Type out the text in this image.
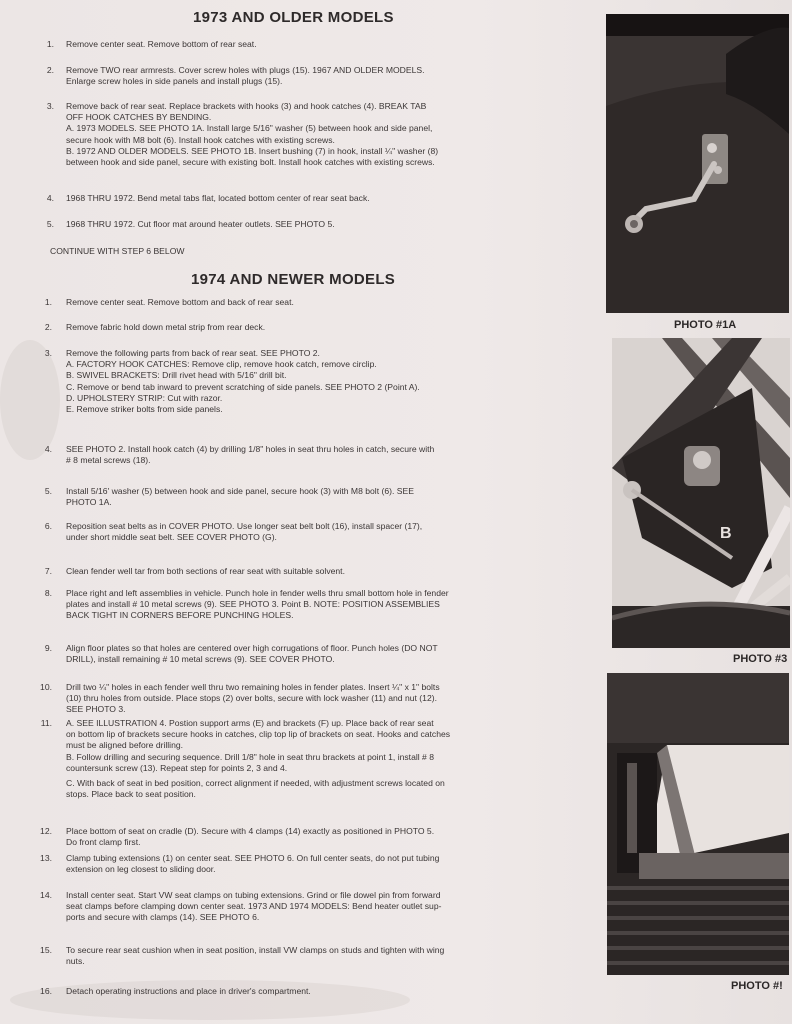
1973 AND OLDER MODELS
1. Remove center seat. Remove bottom of rear seat.
2. Remove TWO rear armrests. Cover screw holes with plugs (15). 1967 AND OLDER MODELS.
Enlarge screw holes in side panels and install plugs (15).
3. Remove back of rear seat. Replace brackets with hooks (3) and hook catches (4). BREAK TAB
OFF HOOK CATCHES BY BENDING.
A. 1973 MODELS. SEE PHOTO 1A. Install large 5/16" washer (5) between hook and side panel,
secure hook with M8 bolt (6). Install hook catches with existing screws.
B. 1972 AND OLDER MODELS. SEE PHOTO 1B. Insert bushing (7) in hook, install ¼" washer (8)
between hook and side panel, secure with existing bolt. Install hook catches with existing screws.
4. 1968 THRU 1972. Bend metal tabs flat, located bottom center of rear seat back.
5. 1968 THRU 1972. Cut floor mat around heater outlets. SEE PHOTO 5.
CONTINUE WITH STEP 6 BELOW
1974 AND NEWER MODELS
1. Remove center seat. Remove bottom and back of rear seat.
2. Remove fabric hold down metal strip from rear deck.
3. Remove the following parts from back of rear seat. SEE PHOTO 2.
A. FACTORY HOOK CATCHES: Remove clip, remove hook catch, remove circlip.
B. SWIVEL BRACKETS: Drill rivet head with 5/16" drill bit.
C. Remove or bend tab inward to prevent scratching of side panels. SEE PHOTO 2 (Point A).
D. UPHOLSTERY STRIP: Cut with razor.
E. Remove striker bolts from side panels.
4. SEE PHOTO 2. Install hook catch (4) by drilling 1/8" holes in seat thru holes in catch, secure with
# 8 metal screws (18).
5. Install 5/16' washer (5) between hook and side panel, secure hook (3) with M8 bolt (6). SEE
PHOTO 1A.
6. Reposition seat belts as in COVER PHOTO. Use longer seat belt bolt (16), install spacer (17),
under short middle seat belt. SEE COVER PHOTO (G).
7. Clean fender well tar from both sections of rear seat with suitable solvent.
8. Place right and left assemblies in vehicle. Punch hole in fender wells thru small bottom hole in fender
plates and install # 10 metal screws (9). SEE PHOTO 3. Point B. NOTE: POSITION ASSEMBLIES
BACK TIGHT IN CORNERS BEFORE PUNCHING HOLES.
9. Align floor plates so that holes are centered over high corrugations of floor. Punch holes (DO NOT
DRILL), install remaining # 10 metal screws (9). SEE COVER PHOTO.
10. Drill two ¼" holes in each fender well thru two remaining holes in fender plates. Insert ¼" x 1" bolts
(10) thru holes from outside. Place stops (2) over bolts, secure with lock washer (11) and nut (12).
SEE PHOTO 3.
11. A. SEE ILLUSTRATION 4. Postion support arms (E) and brackets (F) up. Place back of rear seat
on bottom lip of brackets secure hooks in catches, clip top lip of brackets on seat. Hooks and catches
must be aligned before drilling.
B. Follow drilling and securing sequence. Drill 1/8" hole in seat thru brackets at point 1, install # 8
countersunk screw (13). Repeat step for points 2, 3 and 4.
C. With back of seat in bed position, correct alignment if needed, with adjustment screws located on
stops. Place back to seat position.
12. Place bottom of seat on cradle (D). Secure with 4 clamps (14) exactly as positioned in PHOTO 5.
Do front clamp first.
13. Clamp tubing extensions (1) on center seat. SEE PHOTO 6. On full center seats, do not put tubing
extension on leg closest to sliding door.
14. Install center seat. Start VW seat clamps on tubing extensions. Grind or file dowel pin from forward
seat clamps before clamping down center seat. 1973 AND 1974 MODELS: Bend heater outlet sup-
ports and secure with clamps (14). SEE PHOTO 6.
15. To secure rear seat cushion when in seat position, install VW clamps on studs and tighten with wing
nuts.
16. Detach operating instructions and place in driver's compartment.
PHOTO #1A
B
PHOTO #3
PHOTO #!
